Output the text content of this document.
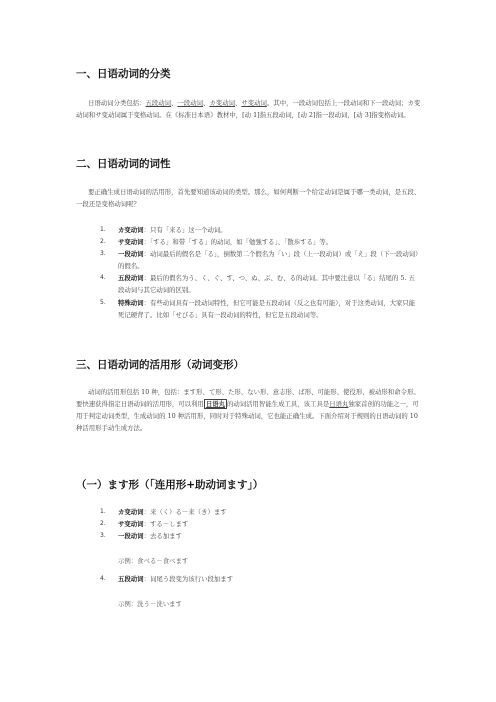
一、日语动词的分类

日语动词分类包括：五段动词、一段动词、カ变动词、サ变动词。其中，一段动词包括上一段动词和下一段动词；カ变动词和サ变动词属于变格动词。在《标准日本语》教材中，[动 1]指五段动词，[动 2]指一段动词，[动 3]指变格动词。

二、日语动词的词性

要正确生成日语动词的活用形，首先要知道该动词的类型。那么，如何判断一个给定动词是属于哪一类动词，是五段、一段还是变格动词呢？

1. カ变动词：只有「来る」这一个动词。
2. サ变动词：「する」和带「する」的动词，如「勉強する」、「散歩する」等。
3. 一段动词：动词最后的假名是「る」，倒数第二个假名为「い」段（上一段动词）或「え」段（下一段动词）的假名。
4. 五段动词：最后的假名为う、く、ぐ、す、つ、ぬ、ぶ、む、る的动词。其中要注意以「る」结尾的 5. 五段动词与其它动词的区别。
5. 特殊动词：有些动词具有一段动词特性，但它可能是五段动词（反之也有可能），对于这类动词，大家只能死记硬背了。比如「せびる」具有一段动词的特性，但它是五段动词等。
三、日语动词的活用形（动词变形）

动词的活用形包括 10 种，包括：ます形、て形、た形、ない形、意志形、ば形、可能形、使役形、被动形和命令形。要快速获得指定日语动词的活用形，可以利用 日语丸 的动词活用智能生成工具，该工具是日语丸独家首创的功能之一，可用于判定动词类型，生成动词的 10 种活用形，同时对于特殊动词，它也能正确生成。下面介绍对于规则的日语动词的 10 种活用形手动生成方法。

（一）ます形（「连用形+助动词ます」）
1. カ变动词：来（く）る－来（き）ます
2. サ变动词：する－します
3. 一段动词：去る加ます
示例：食べる－食べます
4. 五段动词：词尾う段变为该行い段加ます
示例：洗う－洗います
